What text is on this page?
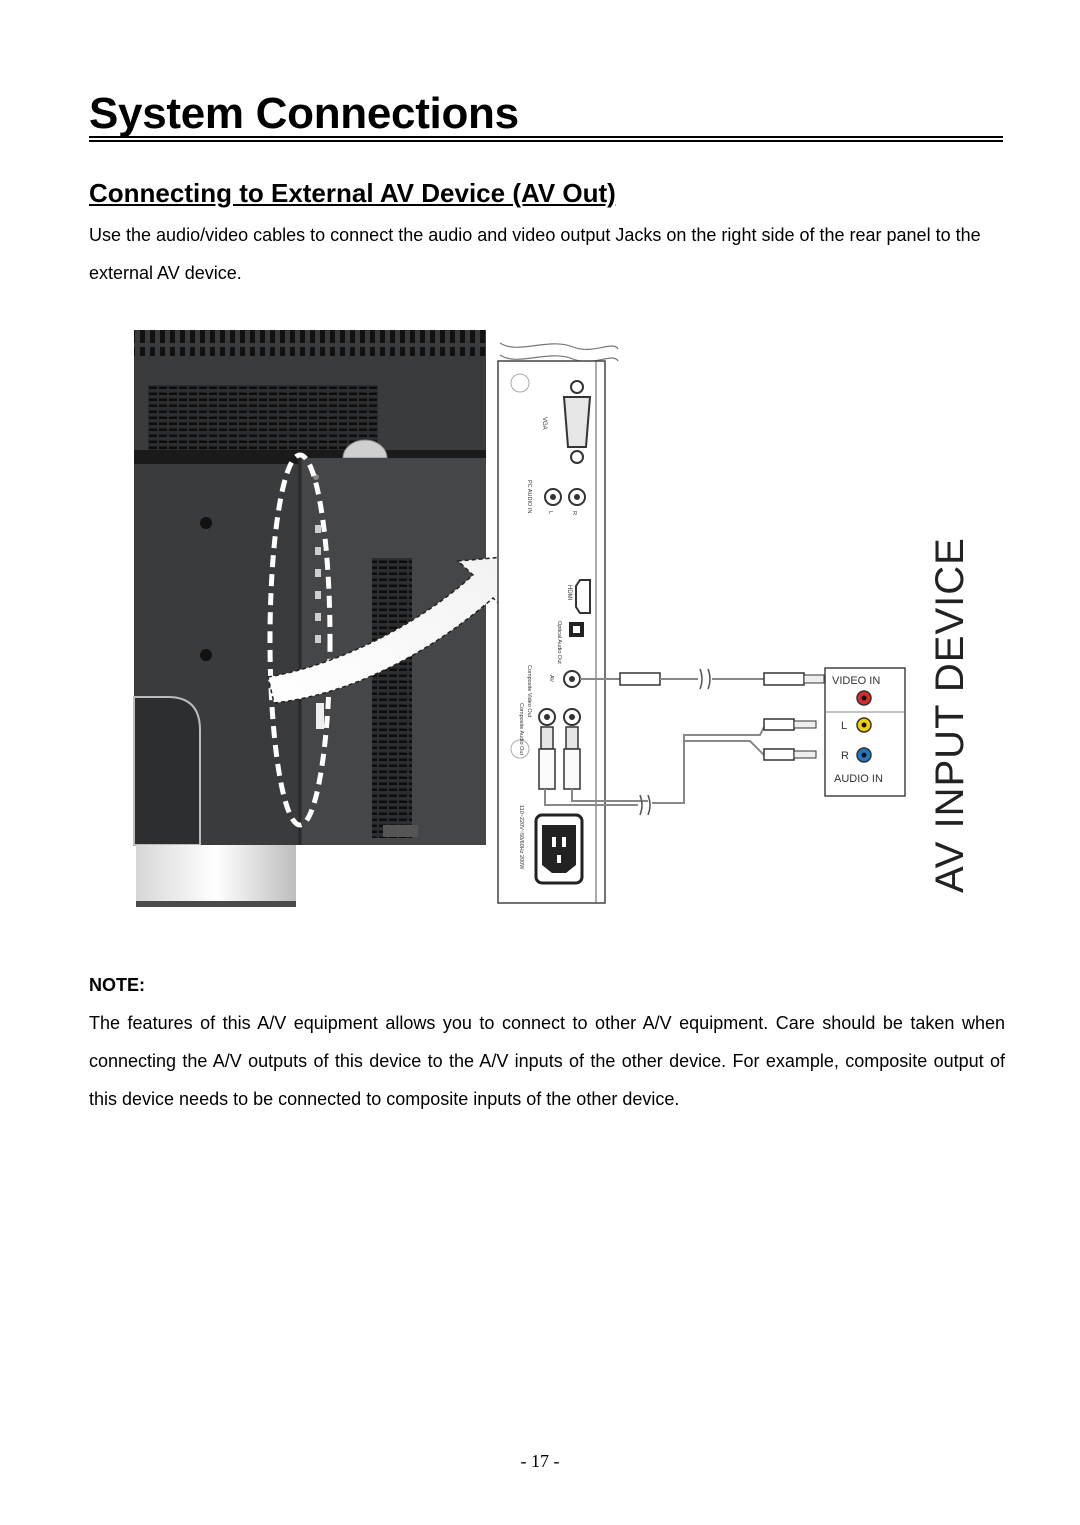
System Connections
Connecting to External AV Device (AV Out)

Use the audio/video cables to connect the audio and video output Jacks on the right side of the rear panel to the external AV device.

VGA
PC AUDIO IN	L	R
HDMI
Optical Audio Out
Composite Video Out	AV
Composite Audio Out
110~220V~50/60Hz 200W
VIDEO IN
L
R
AUDIO IN AV INPUT DEVICE

NOTE:

The features of this A/V equipment allows you to connect to other A/V equipment. Care should be taken when connecting the A/V outputs of this device to the A/V inputs of the other device. For example, composite output of this device needs to be connected to composite inputs of the other device.

- 17 -
